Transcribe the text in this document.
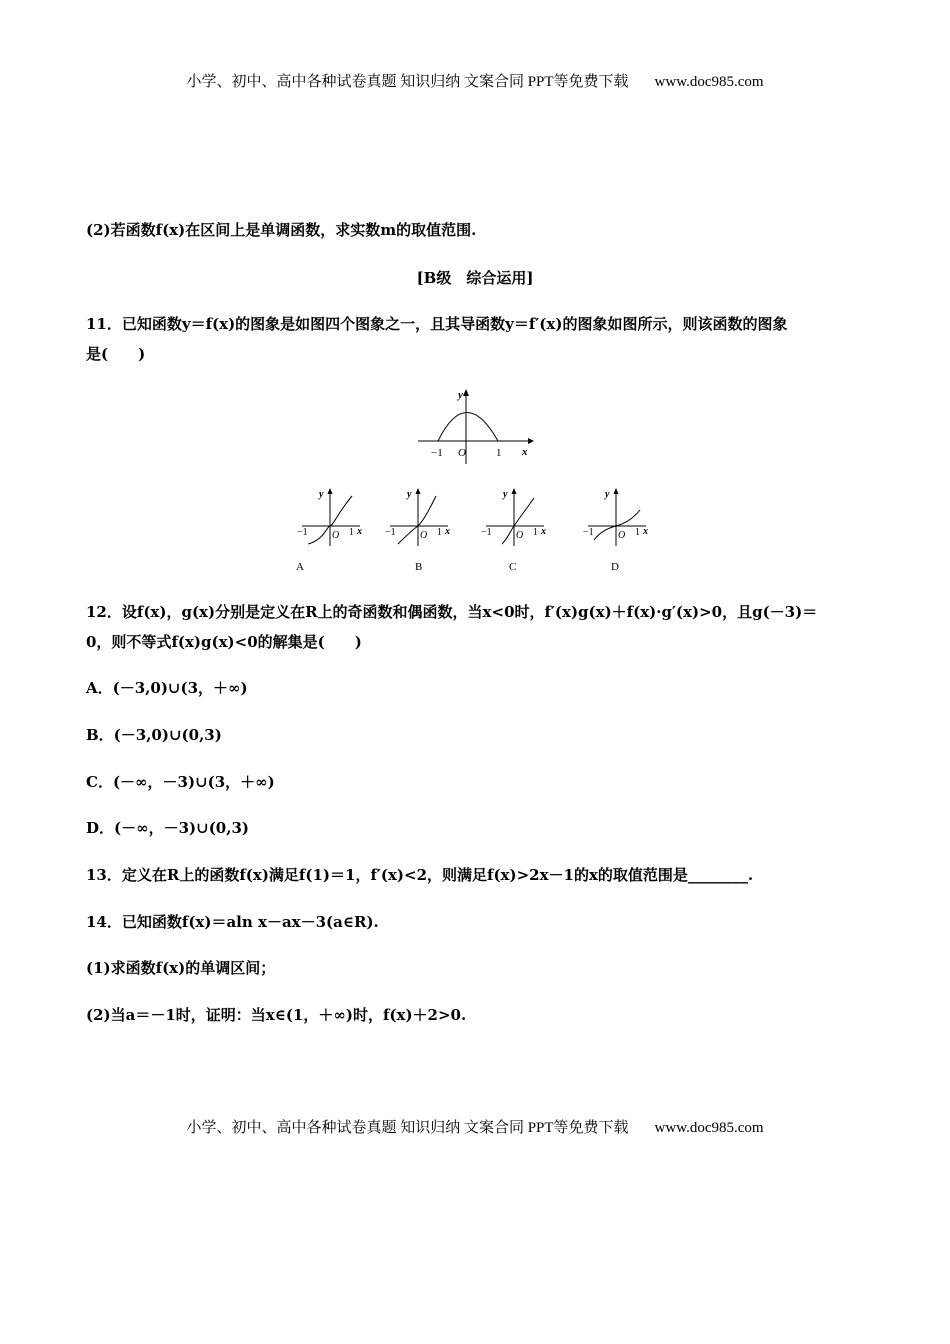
小学、初中、高中各种试卷真题 知识归纳 文案合同 PPT等免费下载 www.doc985.com
(2)若函数f(x)在区间上是单调函数，求实数m的取值范围.
[B级　综合运用]
11．已知函数y＝f(x)的图象是如图四个图象之一，且其导函数y＝f′(x)的图象如图所示，则该函数的图象
是(　　)
y
x
O
−1	1
y
x
−1 O 1
A
y
x
−1 O 1
B
y
x
−1 O 1
C
y
x
−1 O 1
D
12．设f(x)，g(x)分别是定义在R上的奇函数和偶函数，当x<0时，f′(x)g(x)＋f(x)·g′(x)>0，且g(－3)＝
0，则不等式f(x)g(x)<0的解集是(　　)
A．(－3,0)∪(3，＋∞)
B．(－3,0)∪(0,3)
C．(－∞，－3)∪(3，＋∞)
D．(－∞，－3)∪(0,3)
13．定义在R上的函数f(x)满足f(1)＝1，f′(x)<2，则满足f(x)>2x－1的x的取值范围是________.
14．已知函数f(x)＝aln x－ax－3(a∈R).
(1)求函数f(x)的单调区间；
(2)当a＝－1时，证明：当x∈(1，＋∞)时，f(x)＋2>0.
小学、初中、高中各种试卷真题 知识归纳 文案合同 PPT等免费下载 www.doc985.com
